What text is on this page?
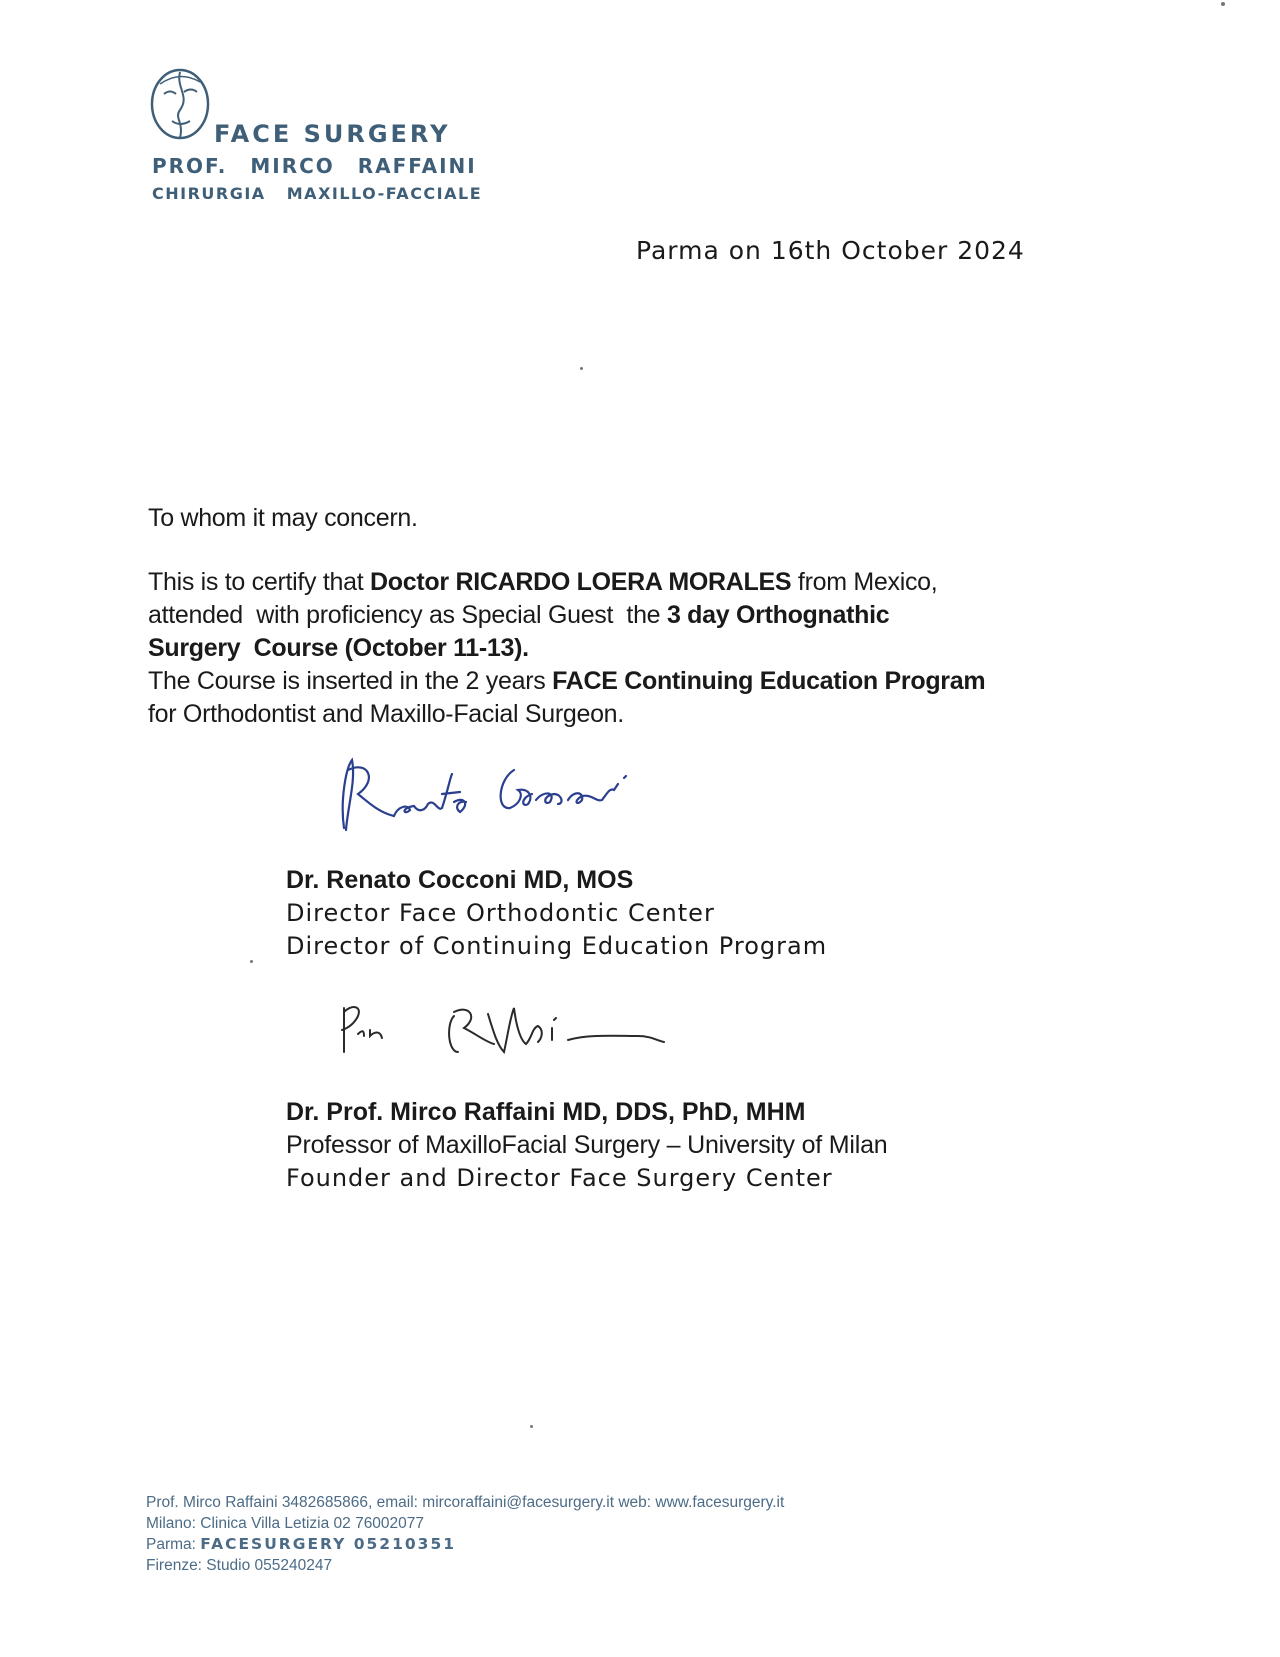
FACE SURGERY
PROF. MIRCO RAFFAINI
CHIRURGIA MAXILLO-FACCIALE
Parma on 16th October 2024
To whom it may concern.
This is to certify that Doctor RICARDO LOERA MORALES from Mexico,
attended  with proficiency as Special Guest  the 3 day Orthognathic
Surgery  Course (October 11-13).
The Course is inserted in the 2 years FACE Continuing Education Program
for Orthodontist and Maxillo-Facial Surgeon.
Dr. Renato Cocconi MD, MOS
Director Face Orthodontic Center
Director of Continuing Education Program
Dr. Prof. Mirco Raffaini MD, DDS, PhD, MHM
Professor of MaxilloFacial Surgery – University of Milan
Founder and Director Face Surgery Center
Prof. Mirco Raffaini 3482685866, email: mircoraffaini@facesurgery.it web: www.facesurgery.it
Milano: Clinica Villa Letizia 02 76002077
Parma: FACESURGERY 05210351
Firenze: Studio 055240247
